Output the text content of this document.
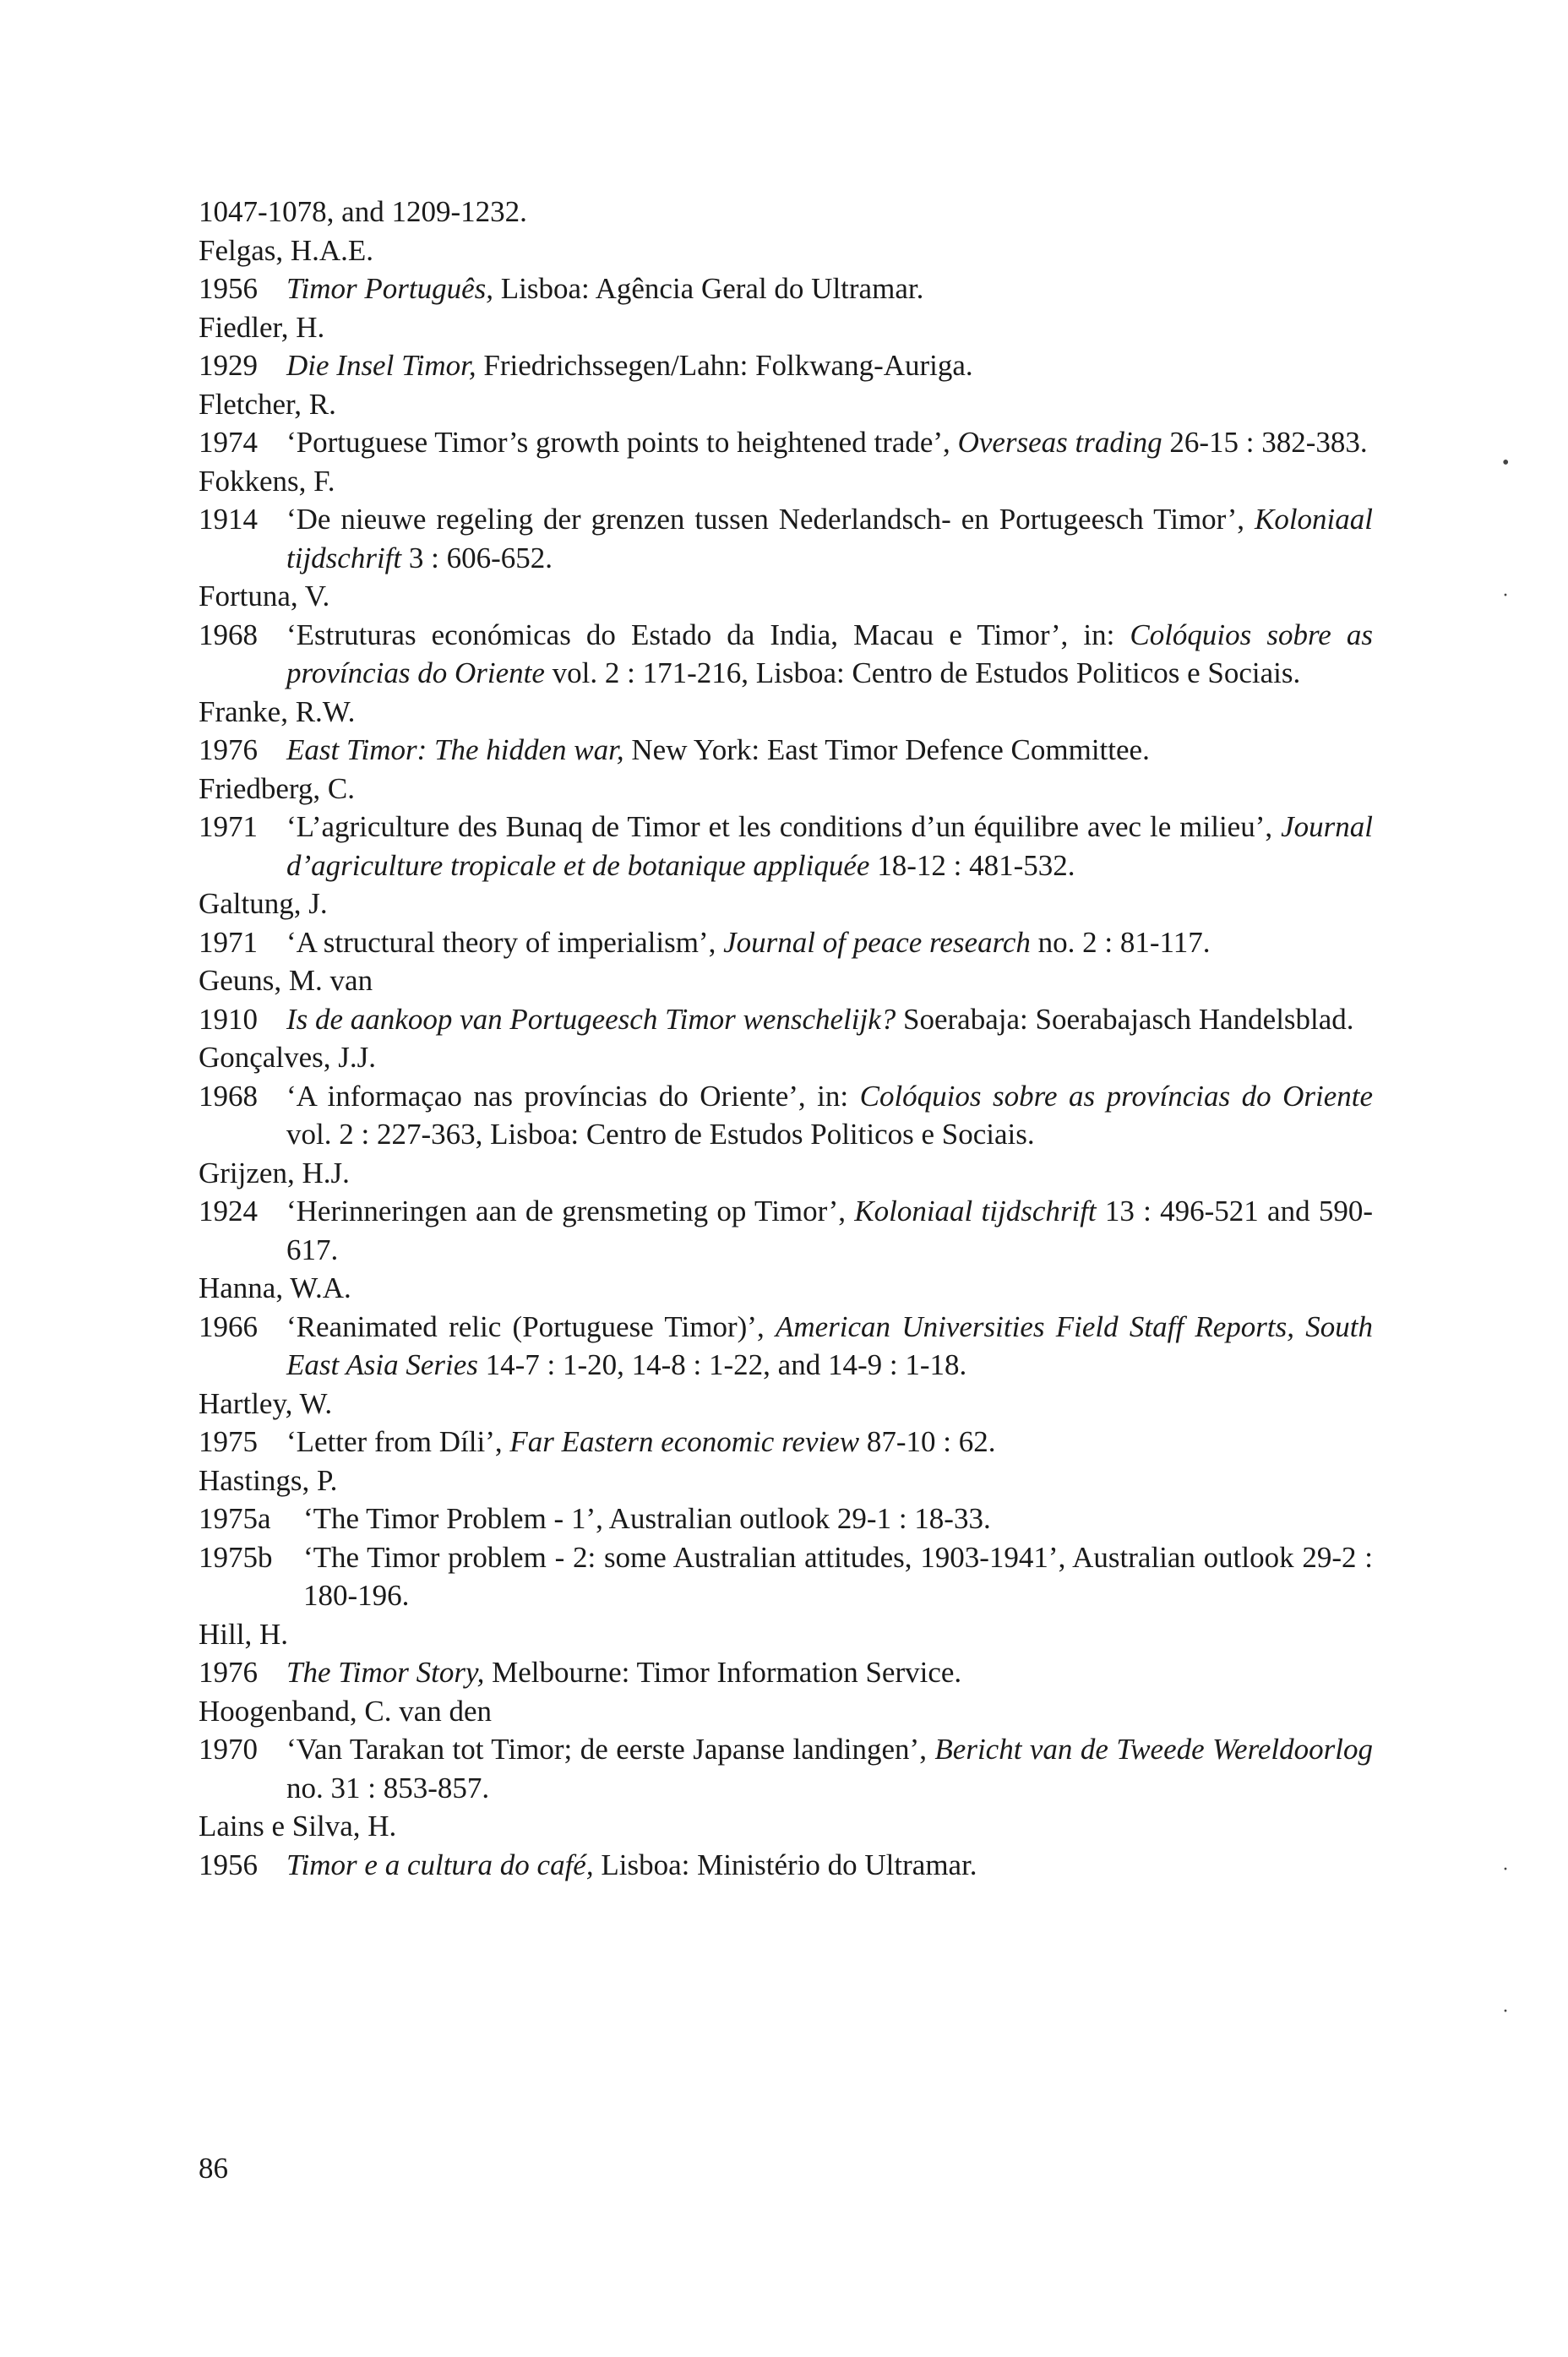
1047-1078, and 1209-1232.

Felgas, H.A.E.

1956 Timor Português, Lisboa: Agência Geral do Ultramar.

Fiedler, H.

1929 Die Insel Timor, Friedrichssegen/Lahn: Folkwang-Auriga.

Fletcher, R.

1974 ‘Portuguese Timor’s growth points to heightened trade’, Overseas trading 26-15 : 382-383.

Fokkens, F.

1914 ‘De nieuwe regeling der grenzen tussen Nederlandsch- en Portugeesch Timor’, Koloniaal tijdschrift 3 : 606-652.

Fortuna, V.

1968 ‘Estruturas económicas do Estado da India, Macau e Timor’, in: Colóquios sobre as províncias do Oriente vol. 2 : 171-216, Lisboa: Centro de Estudos Politicos e Sociais.

Franke, R.W.

1976 East Timor: The hidden war, New York: East Timor Defence Committee.

Friedberg, C.

1971 ‘L’agriculture des Bunaq de Timor et les conditions d’un équilibre avec le milieu’, Journal d’agriculture tropicale et de botanique appliquée 18-12 : 481-532.

Galtung, J.

1971 ‘A structural theory of imperialism’, Journal of peace research no. 2 : 81-117.

Geuns, M. van

1910 Is de aankoop van Portugeesch Timor wenschelijk? Soerabaja: Soerabajasch Handelsblad.

Gonçalves, J.J.

1968 ‘A informaçao nas províncias do Oriente’, in: Colóquios sobre as províncias do Oriente vol. 2 : 227-363, Lisboa: Centro de Estudos Politicos e Sociais.

Grijzen, H.J.

1924 ‘Herinneringen aan de grensmeting op Timor’, Koloniaal tijdschrift 13 : 496-521 and 590-617.

Hanna, W.A.

1966 ‘Reanimated relic (Portuguese Timor)’, American Universities Field Staff Reports, South East Asia Series 14-7 : 1-20, 14-8 : 1-22, and 14-9 : 1-18.

Hartley, W.

1975 ‘Letter from Díli’, Far Eastern economic review 87-10 : 62.

Hastings, P.

1975a ‘The Timor Problem - 1’, Australian outlook 29-1 : 18-33.

1975b ‘The Timor problem - 2: some Australian attitudes, 1903-1941’, Australian outlook 29-2 : 180-196.

Hill, H.

1976 The Timor Story, Melbourne: Timor Information Service.

Hoogenband, C. van den

1970 ‘Van Tarakan tot Timor; de eerste Japanse landingen’, Bericht van de Tweede Wereldoorlog no. 31 : 853-857.

Lains e Silva, H.

1956 Timor e a cultura do café, Lisboa: Ministério do Ultramar.

86
•
·
·
·
